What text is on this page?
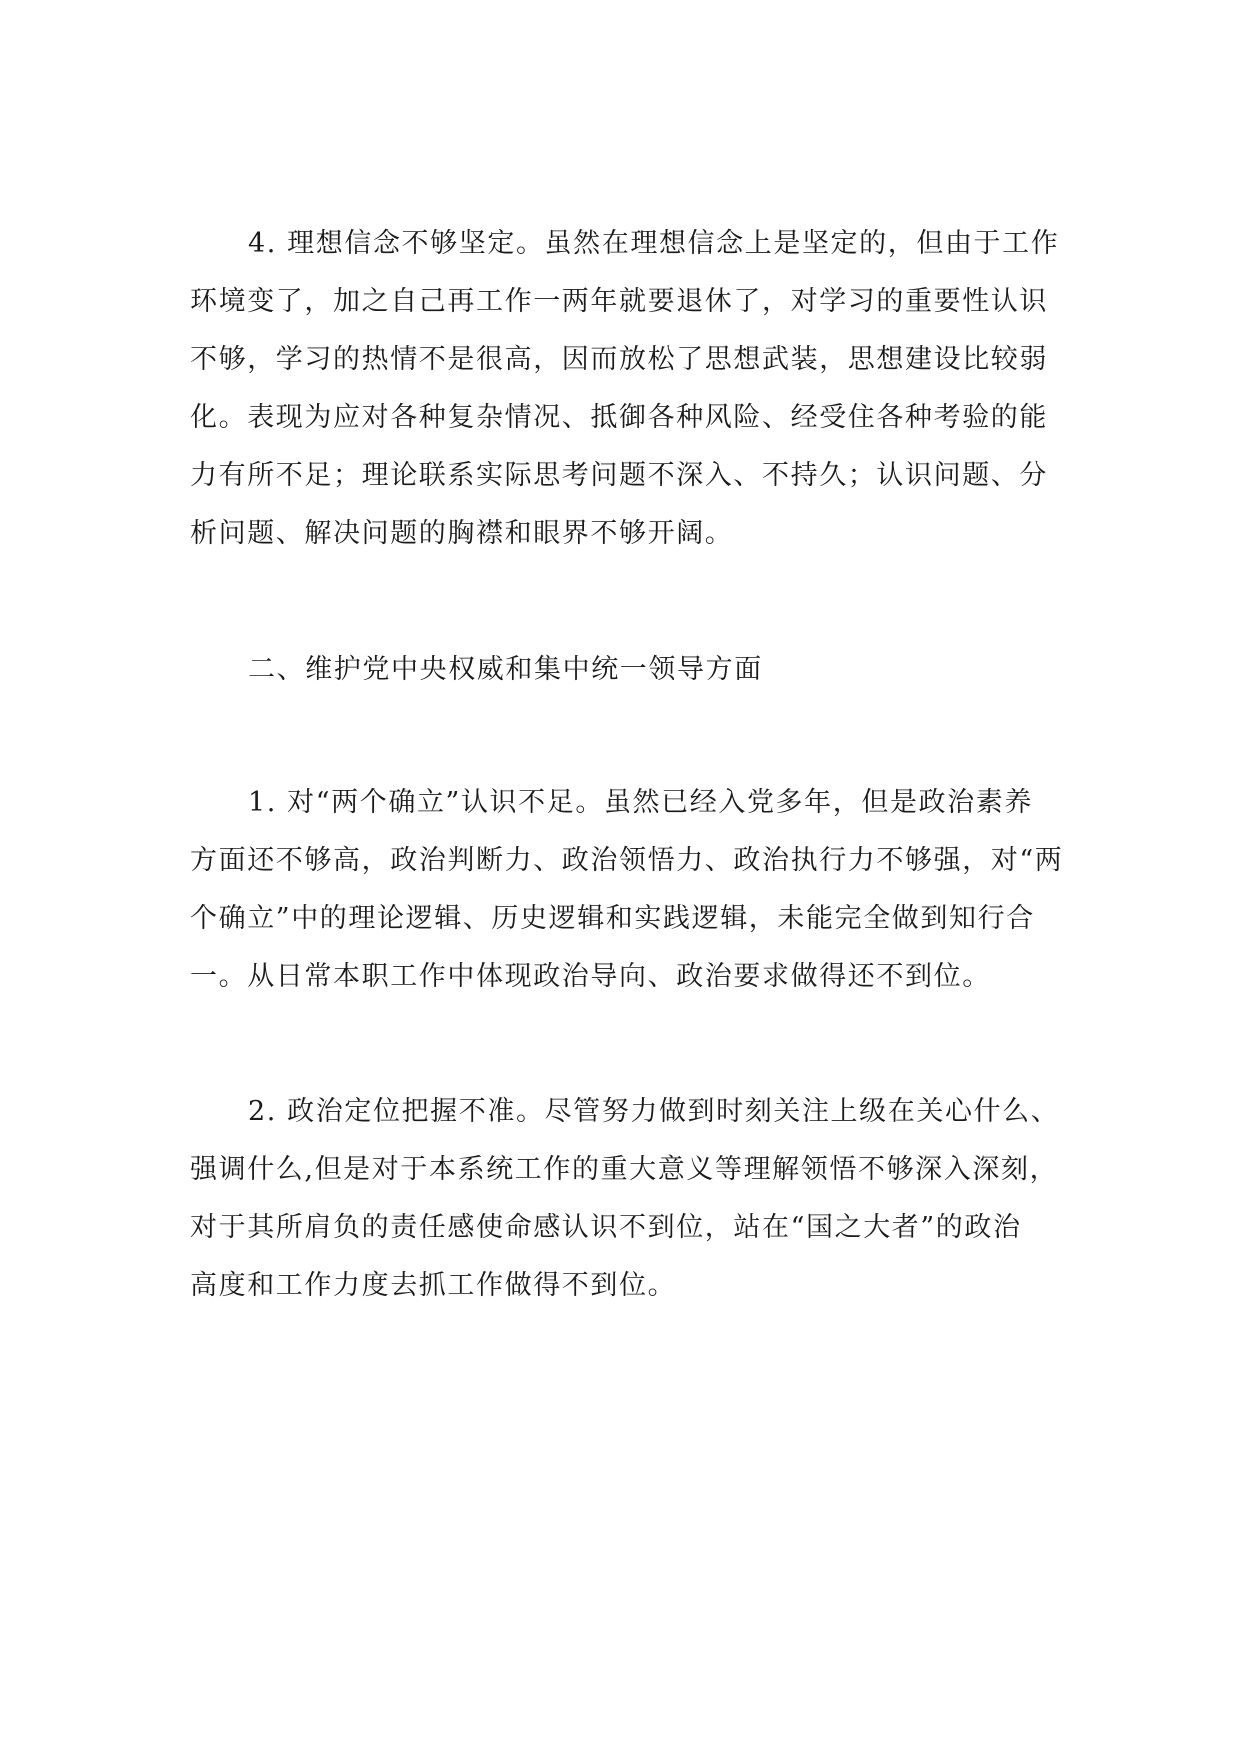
4. 理想信念不够坚定。虽然在理想信念上是坚定的，但由于工作
环境变了，加之自己再工作一两年就要退休了，对学习的重要性认识
不够，学习的热情不是很高，因而放松了思想武装，思想建设比较弱
化。表现为应对各种复杂情况、抵御各种风险、经受住各种考验的能
力有所不足；理论联系实际思考问题不深入、不持久；认识问题、分
析问题、解决问题的胸襟和眼界不够开阔。
二、维护党中央权威和集中统一领导方面
1. 对“两个确立”认识不足。虽然已经入党多年，但是政治素养
方面还不够高，政治判断力、政治领悟力、政治执行力不够强，对“两
个确立”中的理论逻辑、历史逻辑和实践逻辑，未能完全做到知行合
一。从日常本职工作中体现政治导向、政治要求做得还不到位。
2. 政治定位把握不准。尽管努力做到时刻关注上级在关心什么、
强调什么,但是对于本系统工作的重大意义等理解领悟不够深入深刻，
对于其所肩负的责任感使命感认识不到位，站在“国之大者”的政治
高度和工作力度去抓工作做得不到位。
